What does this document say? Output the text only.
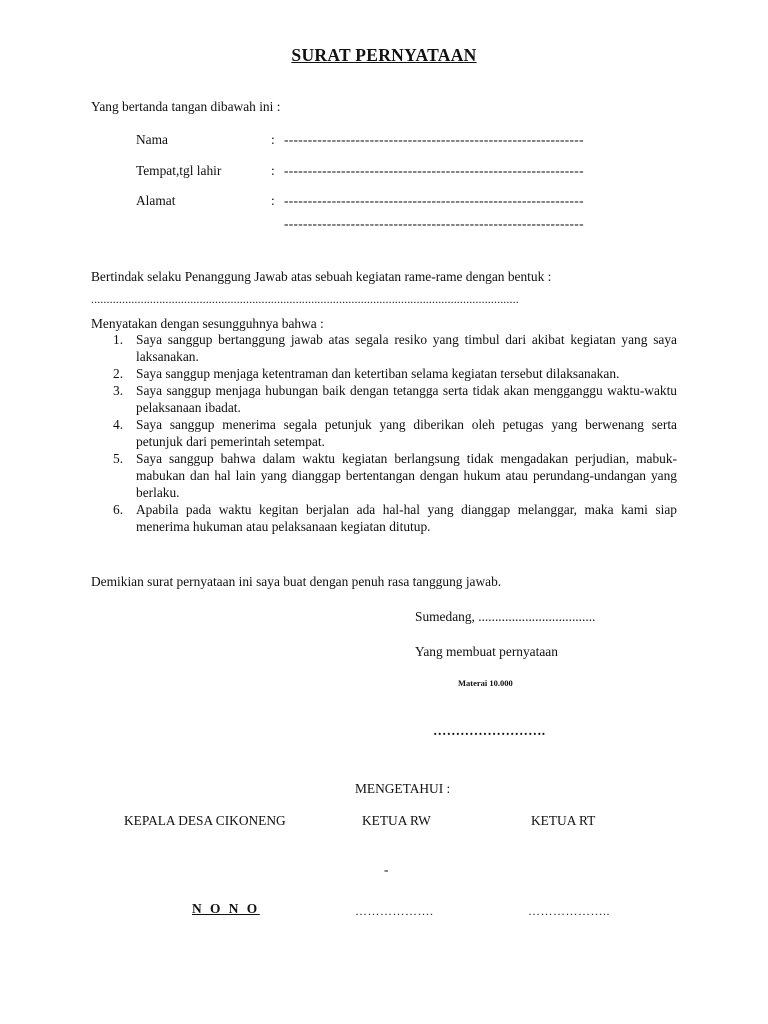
SURAT PERNYATAAN
Yang bertanda tangan dibawah ini :
Nama	: ---------------------------------------------------------------
Tempat,tgl lahir	: ---------------------------------------------------------------
Alamat	: ---------------------------------------------------------------
---------------------------------------------------------------
Bertindak selaku Penanggung Jawab atas sebuah kegiatan rame-rame dengan bentuk :
..........................................................................................................................................
Menyatakan dengan sesungguhnya bahwa :
1. Saya sanggup bertanggung jawab atas segala resiko yang timbul dari akibat kegiatan yang saya laksanakan.
2. Saya sanggup menjaga ketentraman dan ketertiban selama kegiatan tersebut dilaksanakan.
3. Saya sanggup menjaga hubungan baik dengan tetangga serta tidak akan mengganggu waktu-waktu pelaksanaan ibadat.
4. Saya sanggup menerima segala petunjuk yang diberikan oleh petugas yang berwenang serta petunjuk dari pemerintah setempat.
5. Saya sanggup bahwa dalam waktu kegiatan berlangsung tidak mengadakan perjudian, mabuk-mabukan dan hal lain yang dianggap bertentangan dengan hukum atau perundang-undangan yang berlaku.
6. Apabila pada waktu kegitan berjalan ada hal-hal yang dianggap melanggar, maka kami siap menerima hukuman atau pelaksanaan kegiatan ditutup.
Demikian surat pernyataan ini saya buat dengan penuh rasa tanggung jawab.
Sumedang, ...................................
Yang membuat pernyataan
Materai 10.000
…………………….
MENGETAHUI :
KEPALA DESA CIKONENG	KETUA RW	KETUA RT
-
N O N O	……………….	………………..
